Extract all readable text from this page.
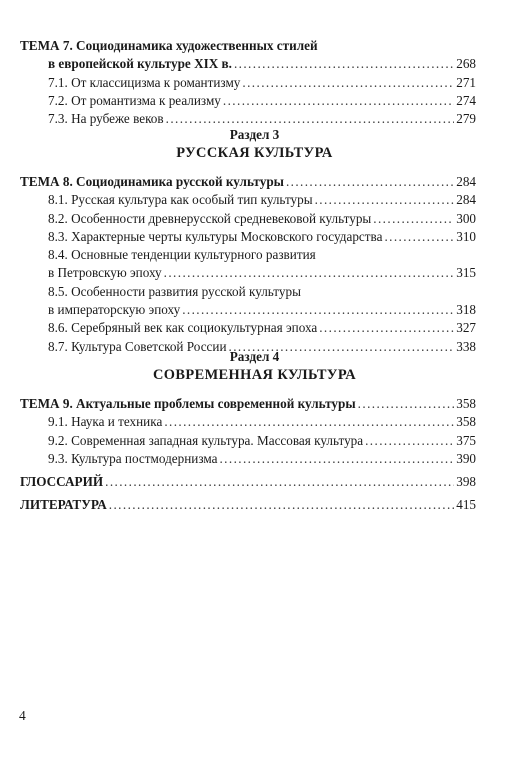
ТЕМА 7. Социодинамика художественных стилей
в европейской культуре XIX в. .....	268
7.1. От классицизма к романтизму .....	271
7.2. От романтизма к реализму .....	274
7.3. На рубеже веков .....	279
Раздел 3
РУССКАЯ КУЛЬТУРА
ТЕМА 8. Социодинамика русской культуры .....	284
8.1. Русская культура как особый тип культуры .....	284
8.2. Особенности древнерусской средневековой культуры .....	300
8.3. Характерные черты культуры Московского государства .....	310
8.4. Основные тенденции культурного развития
в Петровскую эпоху .....	315
8.5. Особенности развития русской культуры
в императорскую эпоху .....	318
8.6. Серебряный век как социокультурная эпоха .....	327
8.7. Культура Советской России .....	338
Раздел 4
СОВРЕМЕННАЯ КУЛЬТУРА
ТЕМА 9. Актуальные проблемы современной культуры .....	358
9.1. Наука и техника .....	358
9.2. Современная западная культура. Массовая культура .....	375
9.3. Культура постмодернизма .....	390
ГЛОССАРИЙ .....	398
ЛИТЕРАТУРА .....	415
4
